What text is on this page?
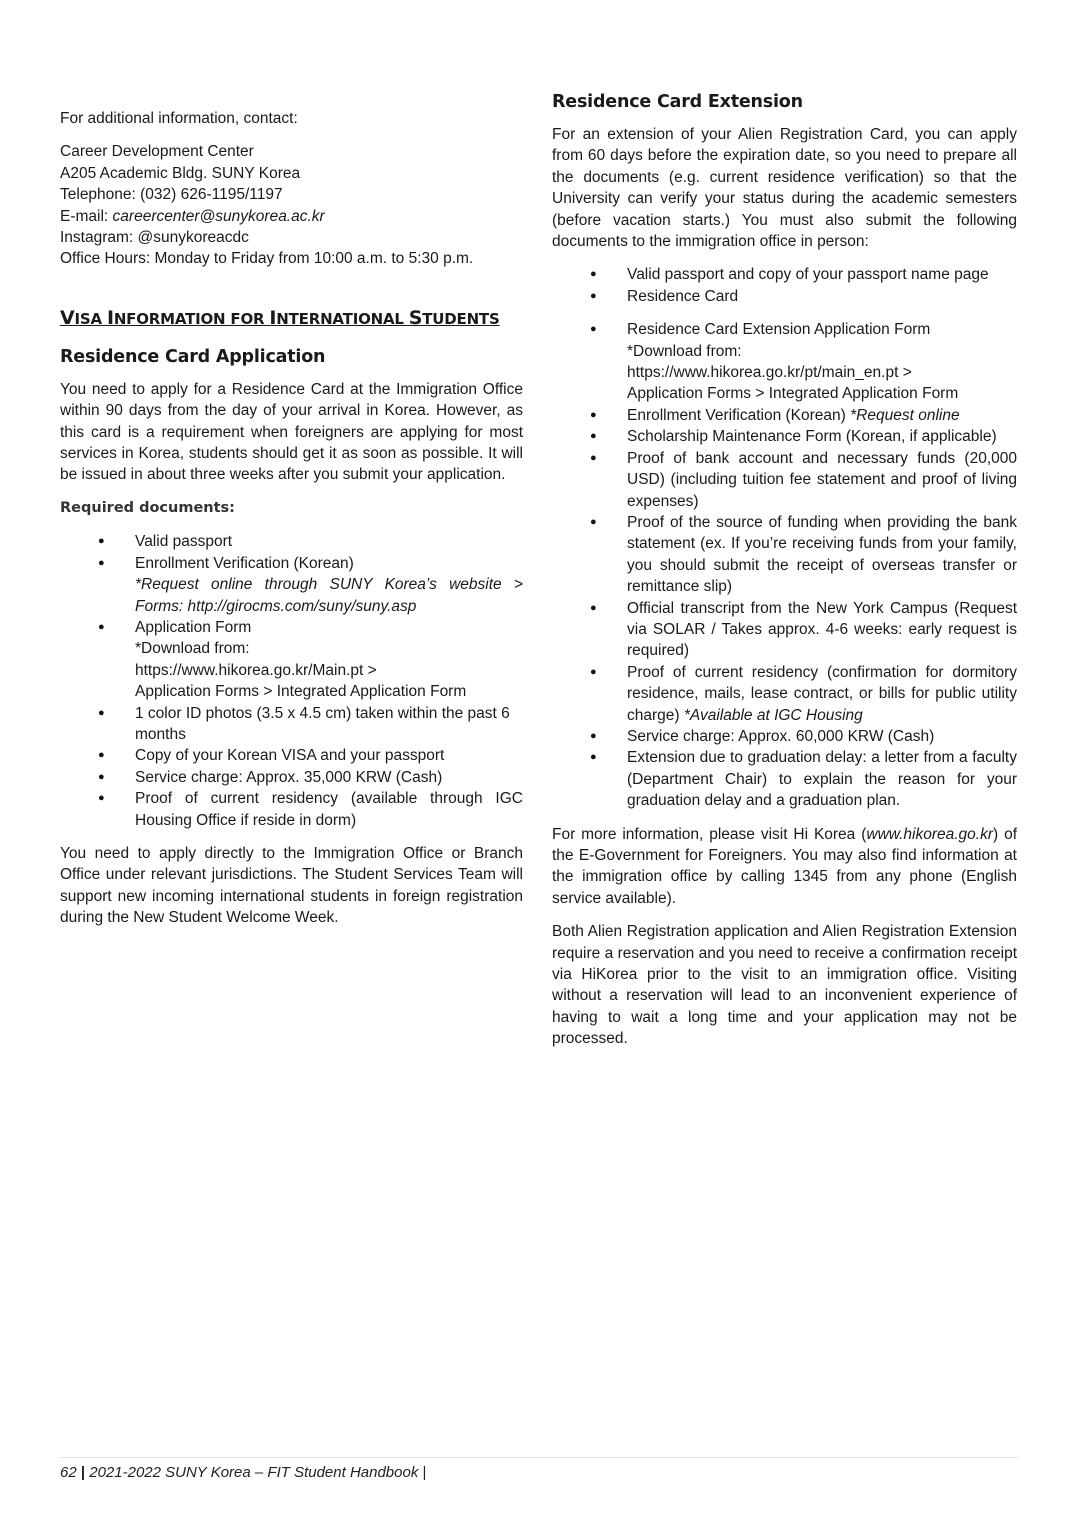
For additional information, contact:

Career Development Center
A205 Academic Bldg. SUNY Korea
Telephone: (032) 626-1195/1197
E-mail: careercenter@sunykorea.ac.kr
Instagram: @sunykoreacdc
Office Hours: Monday to Friday from 10:00 a.m. to 5:30 p.m.

VISA INFORMATION FOR INTERNATIONAL STUDENTS
Residence Card Application

You need to apply for a Residence Card at the Immigration Office within 90 days from the day of your arrival in Korea. However, as this card is a requirement when foreigners are applying for most services in Korea, students should get it as soon as possible. It will be issued in about three weeks after you submit your application.

Required documents:
● Valid passport
● Enrollment Verification (Korean)
*Request online through SUNY Korea’s website > Forms: http://girocms.com/suny/suny.asp
● Application Form
*Download from:
https://www.hikorea.go.kr/Main.pt >
Application Forms > Integrated Application Form
● 1 color ID photos (3.5 x 4.5 cm) taken within the past 6 months
● Copy of your Korean VISA and your passport
● Service charge: Approx. 35,000 KRW (Cash)
● Proof of current residency (available through IGC Housing Office if reside in dorm)

You need to apply directly to the Immigration Office or Branch Office under relevant jurisdictions. The Student Services Team will support new incoming international students in foreign registration during the New Student Welcome Week.

Residence Card Extension

For an extension of your Alien Registration Card, you can apply from 60 days before the expiration date, so you need to prepare all the documents (e.g. current residence verification) so that the University can verify your status during the academic semesters (before vacation starts.) You must also submit the following documents to the immigration office in person:

● Valid passport and copy of your passport name page
● Residence Card
● Residence Card Extension Application Form
*Download from:
https://www.hikorea.go.kr/pt/main_en.pt >
Application Forms > Integrated Application Form
● Enrollment Verification (Korean) *Request online
● Scholarship Maintenance Form (Korean, if applicable)
● Proof of bank account and necessary funds (20,000 USD) (including tuition fee statement and proof of living expenses)
● Proof of the source of funding when providing the bank statement (ex. If you’re receiving funds from your family, you should submit the receipt of overseas transfer or remittance slip)
● Official transcript from the New York Campus (Request via SOLAR / Takes approx. 4-6 weeks: early request is required)
● Proof of current residency (confirmation for dormitory residence, mails, lease contract, or bills for public utility charge) *Available at IGC Housing
● Service charge: Approx. 60,000 KRW (Cash)
● Extension due to graduation delay: a letter from a faculty (Department Chair) to explain the reason for your graduation delay and a graduation plan.

For more information, please visit Hi Korea (www.hikorea.go.kr) of the E-Government for Foreigners. You may also find information at the immigration office by calling 1345 from any phone (English service available).

Both Alien Registration application and Alien Registration Extension require a reservation and you need to receive a confirmation receipt via HiKorea prior to the visit to an immigration office. Visiting without a reservation will lead to an inconvenient experience of having to wait a long time and your application may not be processed.

62 | 2021-2022 SUNY Korea – FIT Student Handbook |
